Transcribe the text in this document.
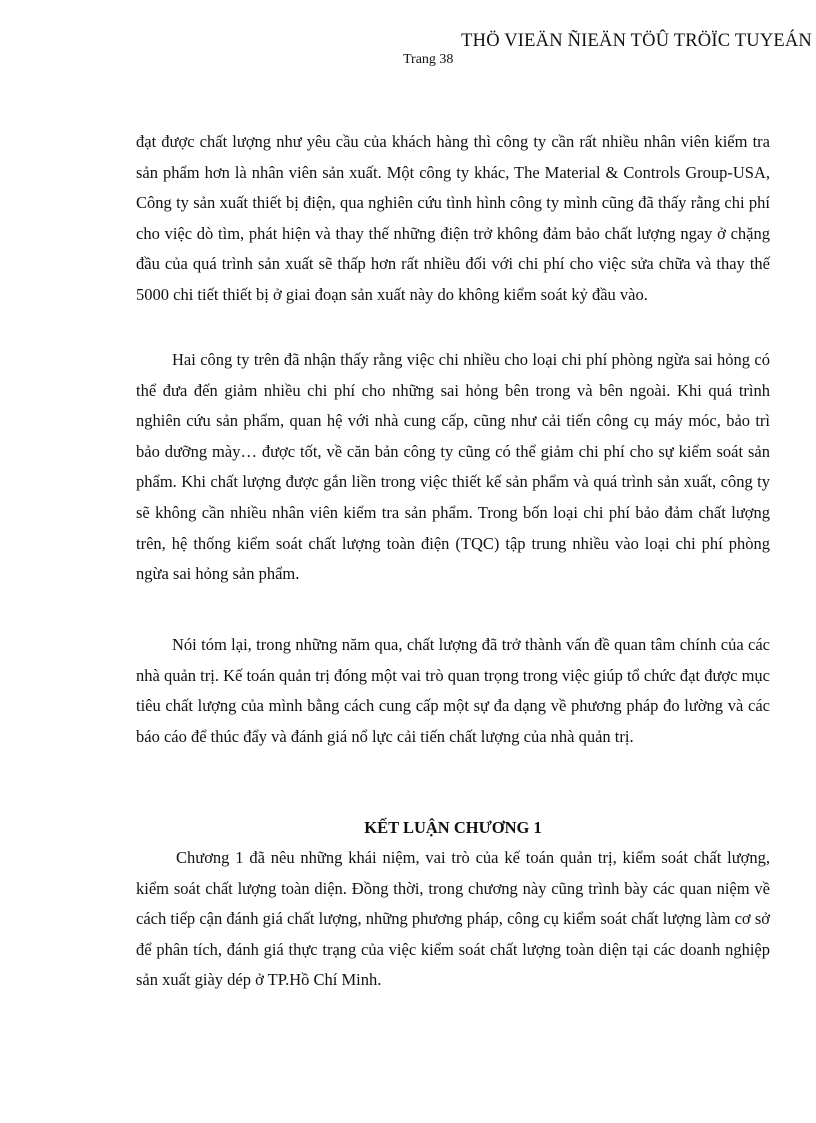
THÖ VIEÄN ÑIEÄN TÖÛ TRÖÏC TUYEÁN
Trang 38

đạt được chất lượng như yêu cầu của khách hàng thì công ty cần rất nhiều nhân viên kiểm tra sản phẩm hơn là nhân viên sản xuất. Một công ty khác, The Material & Controls Group-USA, Công ty sản xuất thiết bị điện, qua nghiên cứu tình hình công ty mình cũng đã thấy rằng chi phí cho việc dò tìm, phát hiện và thay thế những điện trở không đảm bảo chất lượng ngay ở chặng đầu của quá trình sản xuất sẽ thấp hơn rất nhiều đối với chi phí cho việc sửa chữa và thay thế 5000 chi tiết thiết bị ở giai đoạn sản xuất này do không kiểm soát kỷ đầu vào.

Hai công ty trên đã nhận thấy rằng việc chi nhiều cho loại chi phí phòng ngừa sai hỏng có thể đưa đến giảm nhiều chi phí cho những sai hỏng bên trong và bên ngoài. Khi quá trình nghiên cứu sản phẩm, quan hệ với nhà cung cấp, cũng như cải tiến công cụ máy móc, bảo trì bảo dưỡng mày… được tốt, về căn bản công ty cũng có thể giảm chi phí cho sự kiểm soát sản phẩm. Khi chất lượng được gắn liền trong việc thiết kế sản phẩm và quá trình sản xuất, công ty sẽ không cần nhiều nhân viên kiểm tra sản phẩm. Trong bốn loại chi phí bảo đảm chất lượng trên, hệ thống kiểm soát chất lượng toàn điện (TQC) tập trung nhiều vào loại chi phí phòng ngừa sai hỏng sản phẩm.

Nói tóm lại, trong những năm qua, chất lượng đã trở thành vấn đề quan tâm chính của các nhà quản trị. Kế toán quản trị đóng một vai trò quan trọng trong việc giúp tổ chức đạt được mục tiêu chất lượng của mình bằng cách cung cấp một sự đa dạng về phương pháp đo lường và các báo cáo để thúc đẩy và đánh giá nổ lực cải tiến chất lượng của nhà quản trị.

KẾT LUẬN CHƯƠNG 1

Chương 1 đã nêu những khái niệm, vai trò của kế toán quản trị, kiểm soát chất lượng, kiểm soát chất lượng toàn diện. Đồng thời, trong chương này cũng trình bày các quan niệm về cách tiếp cận đánh giá chất lượng, những phương pháp, công cụ kiểm soát chất lượng làm cơ sở để phân tích, đánh giá thực trạng của việc kiểm soát chất lượng toàn diện tại các doanh nghiệp sản xuất giày dép ở TP.Hồ Chí Minh.
